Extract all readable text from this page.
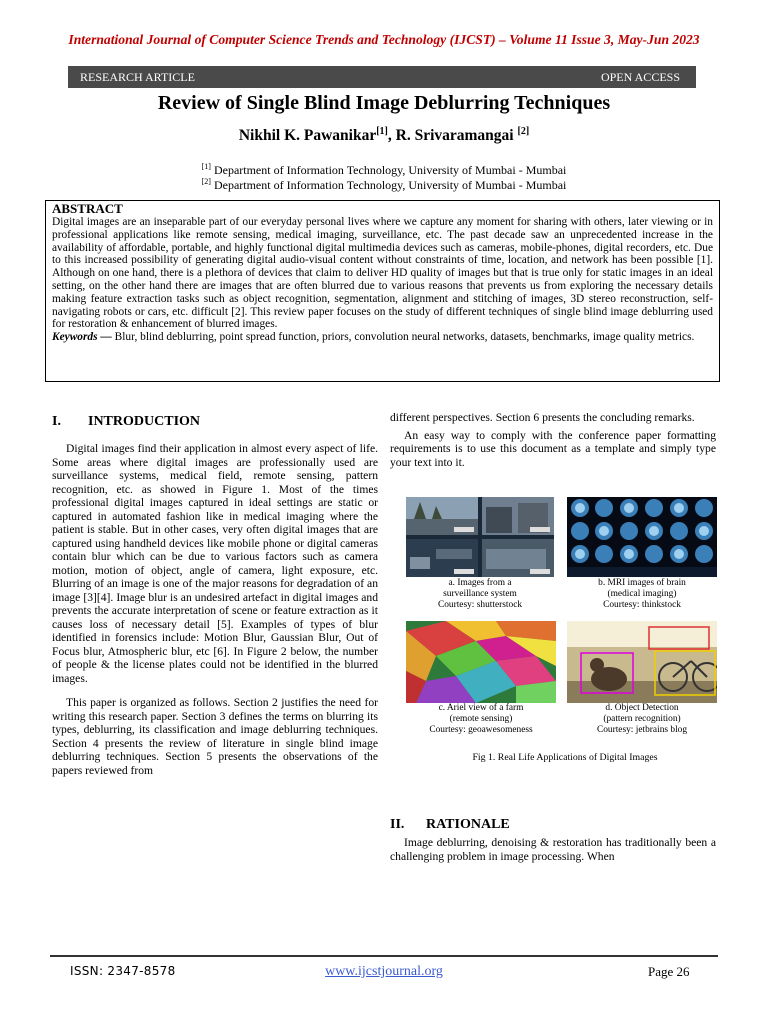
International Journal of Computer Science Trends and Technology (IJCST) – Volume 11 Issue 3, May-Jun 2023
RESEARCH ARTICLE	OPEN ACCESS
Review of Single Blind Image Deblurring Techniques
Nikhil K. Pawanikar[1], R. Srivaramangai [2]
[1] Department of Information Technology, University of Mumbai - Mumbai
[2] Department of Information Technology, University of Mumbai - Mumbai
ABSTRACT

Digital images are an inseparable part of our everyday personal lives where we capture any moment for sharing with others, later viewing or in professional applications like remote sensing, medical imaging, surveillance, etc. The past decade saw an unprecedented increase in the availability of affordable, portable, and highly functional digital multimedia devices such as cameras, mobile-phones, digital recorders, etc. Due to this increased possibility of generating digital audio-visual content without constraints of time, location, and network has been possible [1]. Although on one hand, there is a plethora of devices that claim to deliver HD quality of images but that is true only for static images in an ideal setting, on the other hand there are images that are often blurred due to various reasons that prevents us from exploring the necessary details making feature extraction tasks such as object recognition, segmentation, alignment and stitching of images, 3D stereo reconstruction, self-navigating robots or cars, etc. difficult [2]. This review paper focuses on the study of different techniques of single blind image deblurring used for restoration & enhancement of blurred images.

Keywords — Blur, blind deblurring, point spread function, priors, convolution neural networks, datasets, benchmarks, image quality metrics.

I. INTRODUCTION

Digital images find their application in almost every aspect of life. Some areas where digital images are professionally used are surveillance systems, medical field, remote sensing, pattern recognition, etc. as showed in Figure 1. Most of the times professional digital images captured in ideal settings are static or captured in automated fashion like in medical imaging where the patient is stable. But in other cases, very often digital images that are captured using handheld devices like mobile phone or digital cameras contain blur which can be due to various factors such as camera motion, motion of object, angle of camera, light exposure, etc. Blurring of an image is one of the major reasons for degradation of an image [3][4]. Image blur is an undesired artefact in digital images and prevents the accurate interpretation of scene or feature extraction as it causes loss of necessary detail [5]. Examples of types of blur identified in forensics include: Motion Blur, Gaussian Blur, Out of Focus blur, Atmospheric blur, etc [6]. In Figure 2 below, the number of people & the license plates could not be identified in the blurred images.

This paper is organized as follows. Section 2 justifies the need for writing this research paper. Section 3 defines the terms on blurring its types, deblurring, its classification and image deblurring techniques. Section 4 presents the review of literature in single blind image deblurring techniques. Section 5 presents the observations of the papers reviewed from

different perspectives. Section 6 presents the concluding remarks.

An easy way to comply with the conference paper formatting requirements is to use this document as a template and simply type your text into it.

a. Images from a
surveillance system
Courtesy: shutterstock
b. MRI images of brain
(medical imaging)
Courtesy: thinkstock
c. Ariel view of a farm
(remote sensing)
Courtesy: geoawesomeness
d. Object Detection
(pattern recognition)
Courtesy: jetbrains blog
Fig 1. Real Life Applications of Digital Images
II. RATIONALE

Image deblurring, denoising & restoration has traditionally been a challenging problem in image processing. When

ISSN: 2347-8578	www.ijcstjournal.org	Page 26
